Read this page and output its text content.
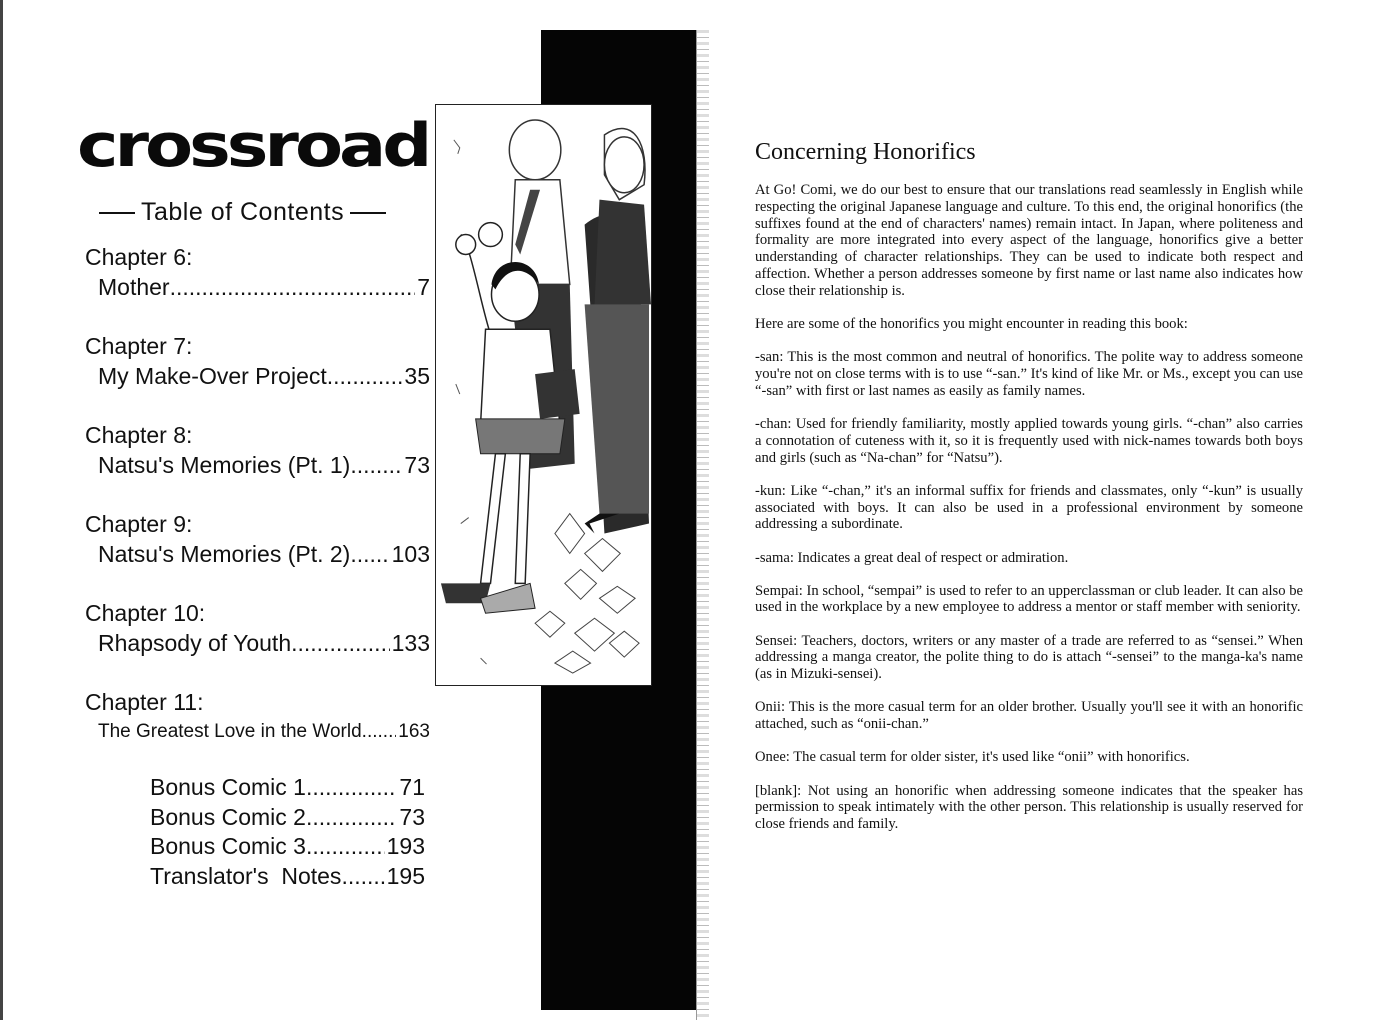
crossroad
Table of Contents
Chapter 6:
Mother .....	7
Chapter 7:
My Make-Over Project .....	35
Chapter 8:
Natsu's Memories (Pt. 1) ..... 73
Chapter 9:
Natsu's Memories (Pt. 2) ..... 103
Chapter 10:
Rhapsody of Youth .....	133
Chapter 11:
The Greatest Love in the World ..... 163
Bonus Comic 1 .....	71
Bonus Comic 2 .....	73
Bonus Comic 3 .....	193
Translator's  Notes ..... 195
Concerning Honorifics

At Go! Comi, we do our best to ensure that our translations read seamlessly in English while respecting the original Japanese language and culture. To this end, the original honorifics (the suffixes found at the end of characters' names) remain intact. In Japan, where politeness and formality are more integrated into every aspect of the language, honorifics give a better understanding of character relationships. They can be used to indicate both respect and affection. Whether a person addresses someone by first name or last name also indicates how close their relationship is.

Here are some of the honorifics you might encounter in reading this book:

-san: This is the most common and neutral of honorifics. The polite way to address someone you're not on close terms with is to use “-san.” It's kind of like Mr. or Ms., except you can use “-san” with first or last names as easily as family names.

-chan: Used for friendly familiarity, mostly applied towards young girls. “-chan” also carries a connotation of cuteness with it, so it is frequently used with nick-names towards both boys and girls (such as “Na-chan” for “Natsu”).

-kun: Like “-chan,” it's an informal suffix for friends and classmates, only “-kun” is usually associated with boys. It can also be used in a professional environment by someone addressing a subordinate.

-sama: Indicates a great deal of respect or admiration.

Sempai: In school, “sempai” is used to refer to an upperclassman or club leader. It can also be used in the workplace by a new employee to address a mentor or staff member with seniority.

Sensei: Teachers, doctors, writers or any master of a trade are referred to as “sensei.” When addressing a manga creator, the polite thing to do is attach “-sensei” to the manga-ka's name (as in Mizuki-sensei).

Onii: This is the more casual term for an older brother. Usually you'll see it with an honorific attached, such as “onii-chan.”

Onee: The casual term for older sister, it's used like “onii” with honorifics.

[blank]: Not using an honorific when addressing someone indicates that the speaker has permission to speak intimately with the other person. This relationship is usually reserved for close friends and family.
